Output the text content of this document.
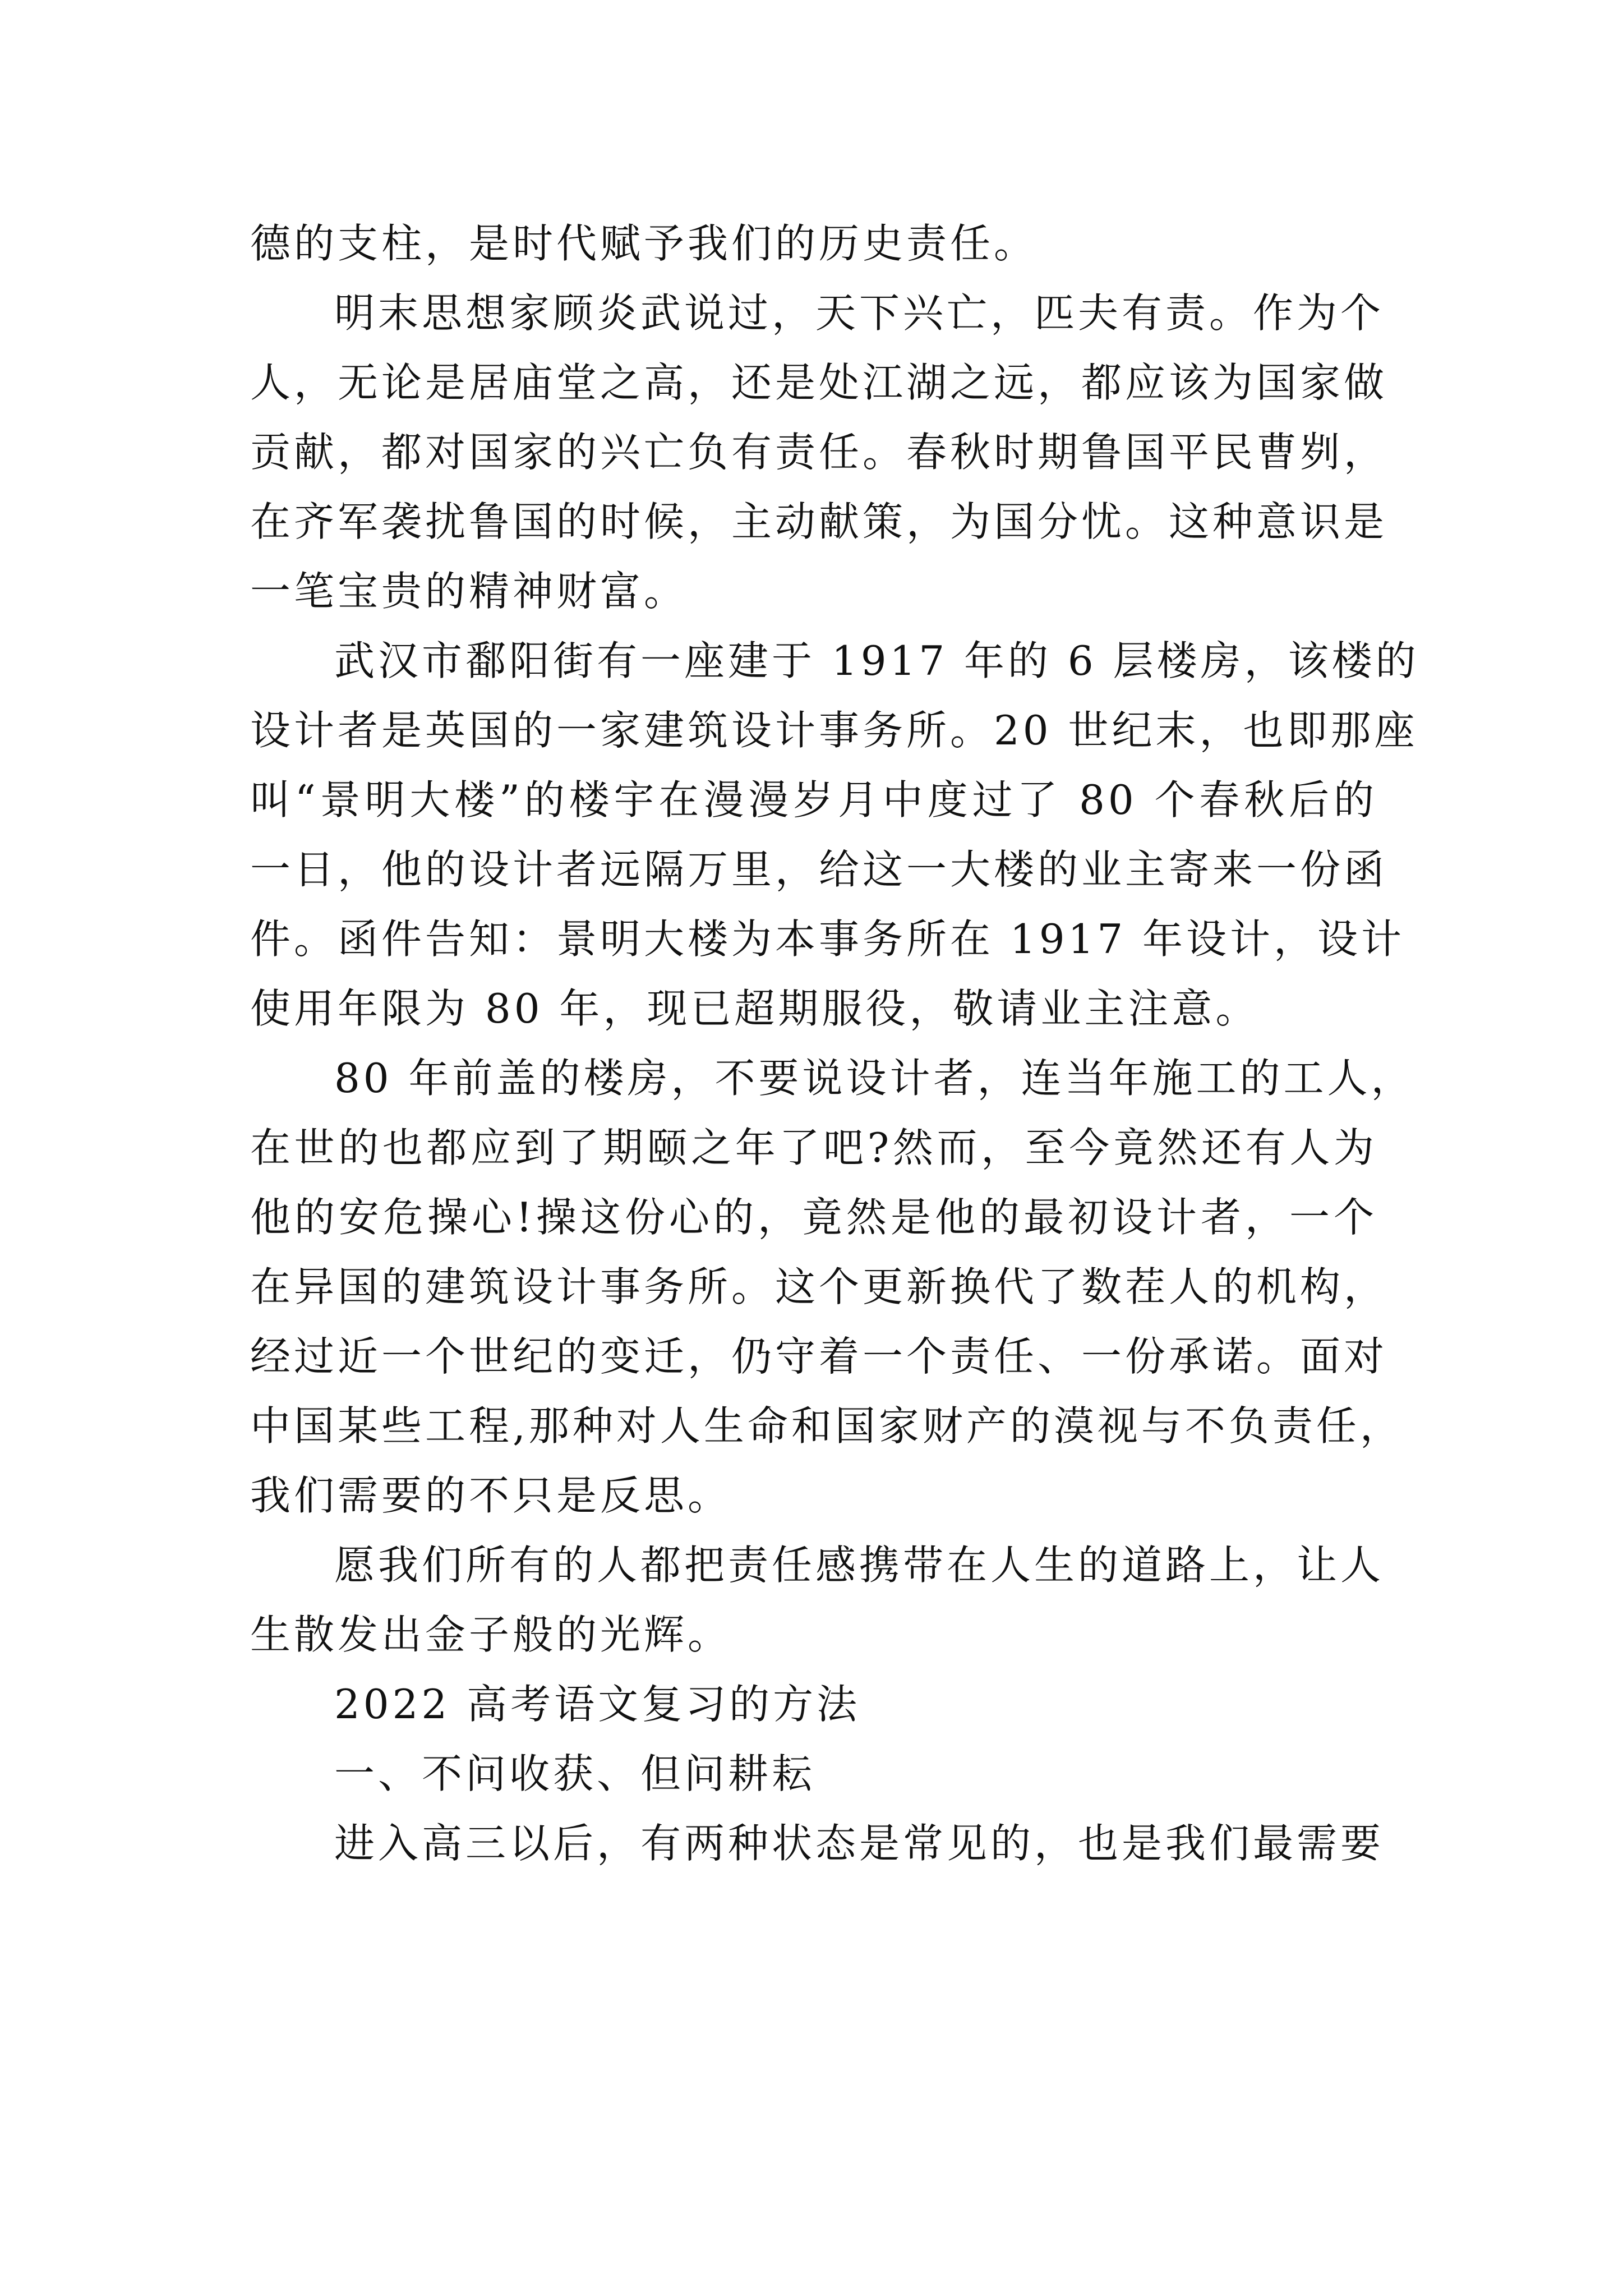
德的支柱，是时代赋予我们的历史责任。
明末思想家顾炎武说过，天下兴亡，匹夫有责。作为个
人，无论是居庙堂之高，还是处江湖之远，都应该为国家做
贡献，都对国家的兴亡负有责任。春秋时期鲁国平民曹刿，
在齐军袭扰鲁国的时候，主动献策，为国分忧。这种意识是
一笔宝贵的精神财富。
武汉市鄱阳街有一座建于 1917 年的 6 层楼房，该楼的
设计者是英国的一家建筑设计事务所。20 世纪末，也即那座
叫“景明大楼”的楼宇在漫漫岁月中度过了 80 个春秋后的
一日，他的设计者远隔万里，给这一大楼的业主寄来一份函
件。函件告知：景明大楼为本事务所在 1917 年设计，设计
使用年限为 80 年，现已超期服役，敬请业主注意。
80 年前盖的楼房，不要说设计者，连当年施工的工人，
在世的也都应到了期颐之年了吧?然而，至今竟然还有人为
他的安危操心!操这份心的，竟然是他的最初设计者，一个
在异国的建筑设计事务所。这个更新换代了数茬人的机构，
经过近一个世纪的变迁，仍守着一个责任、一份承诺。面对
中国某些工程,那种对人生命和国家财产的漠视与不负责任，
我们需要的不只是反思。
愿我们所有的人都把责任感携带在人生的道路上，让人
生散发出金子般的光辉。
2022 高考语文复习的方法
一、不问收获、但问耕耘
进入高三以后，有两种状态是常见的，也是我们最需要
